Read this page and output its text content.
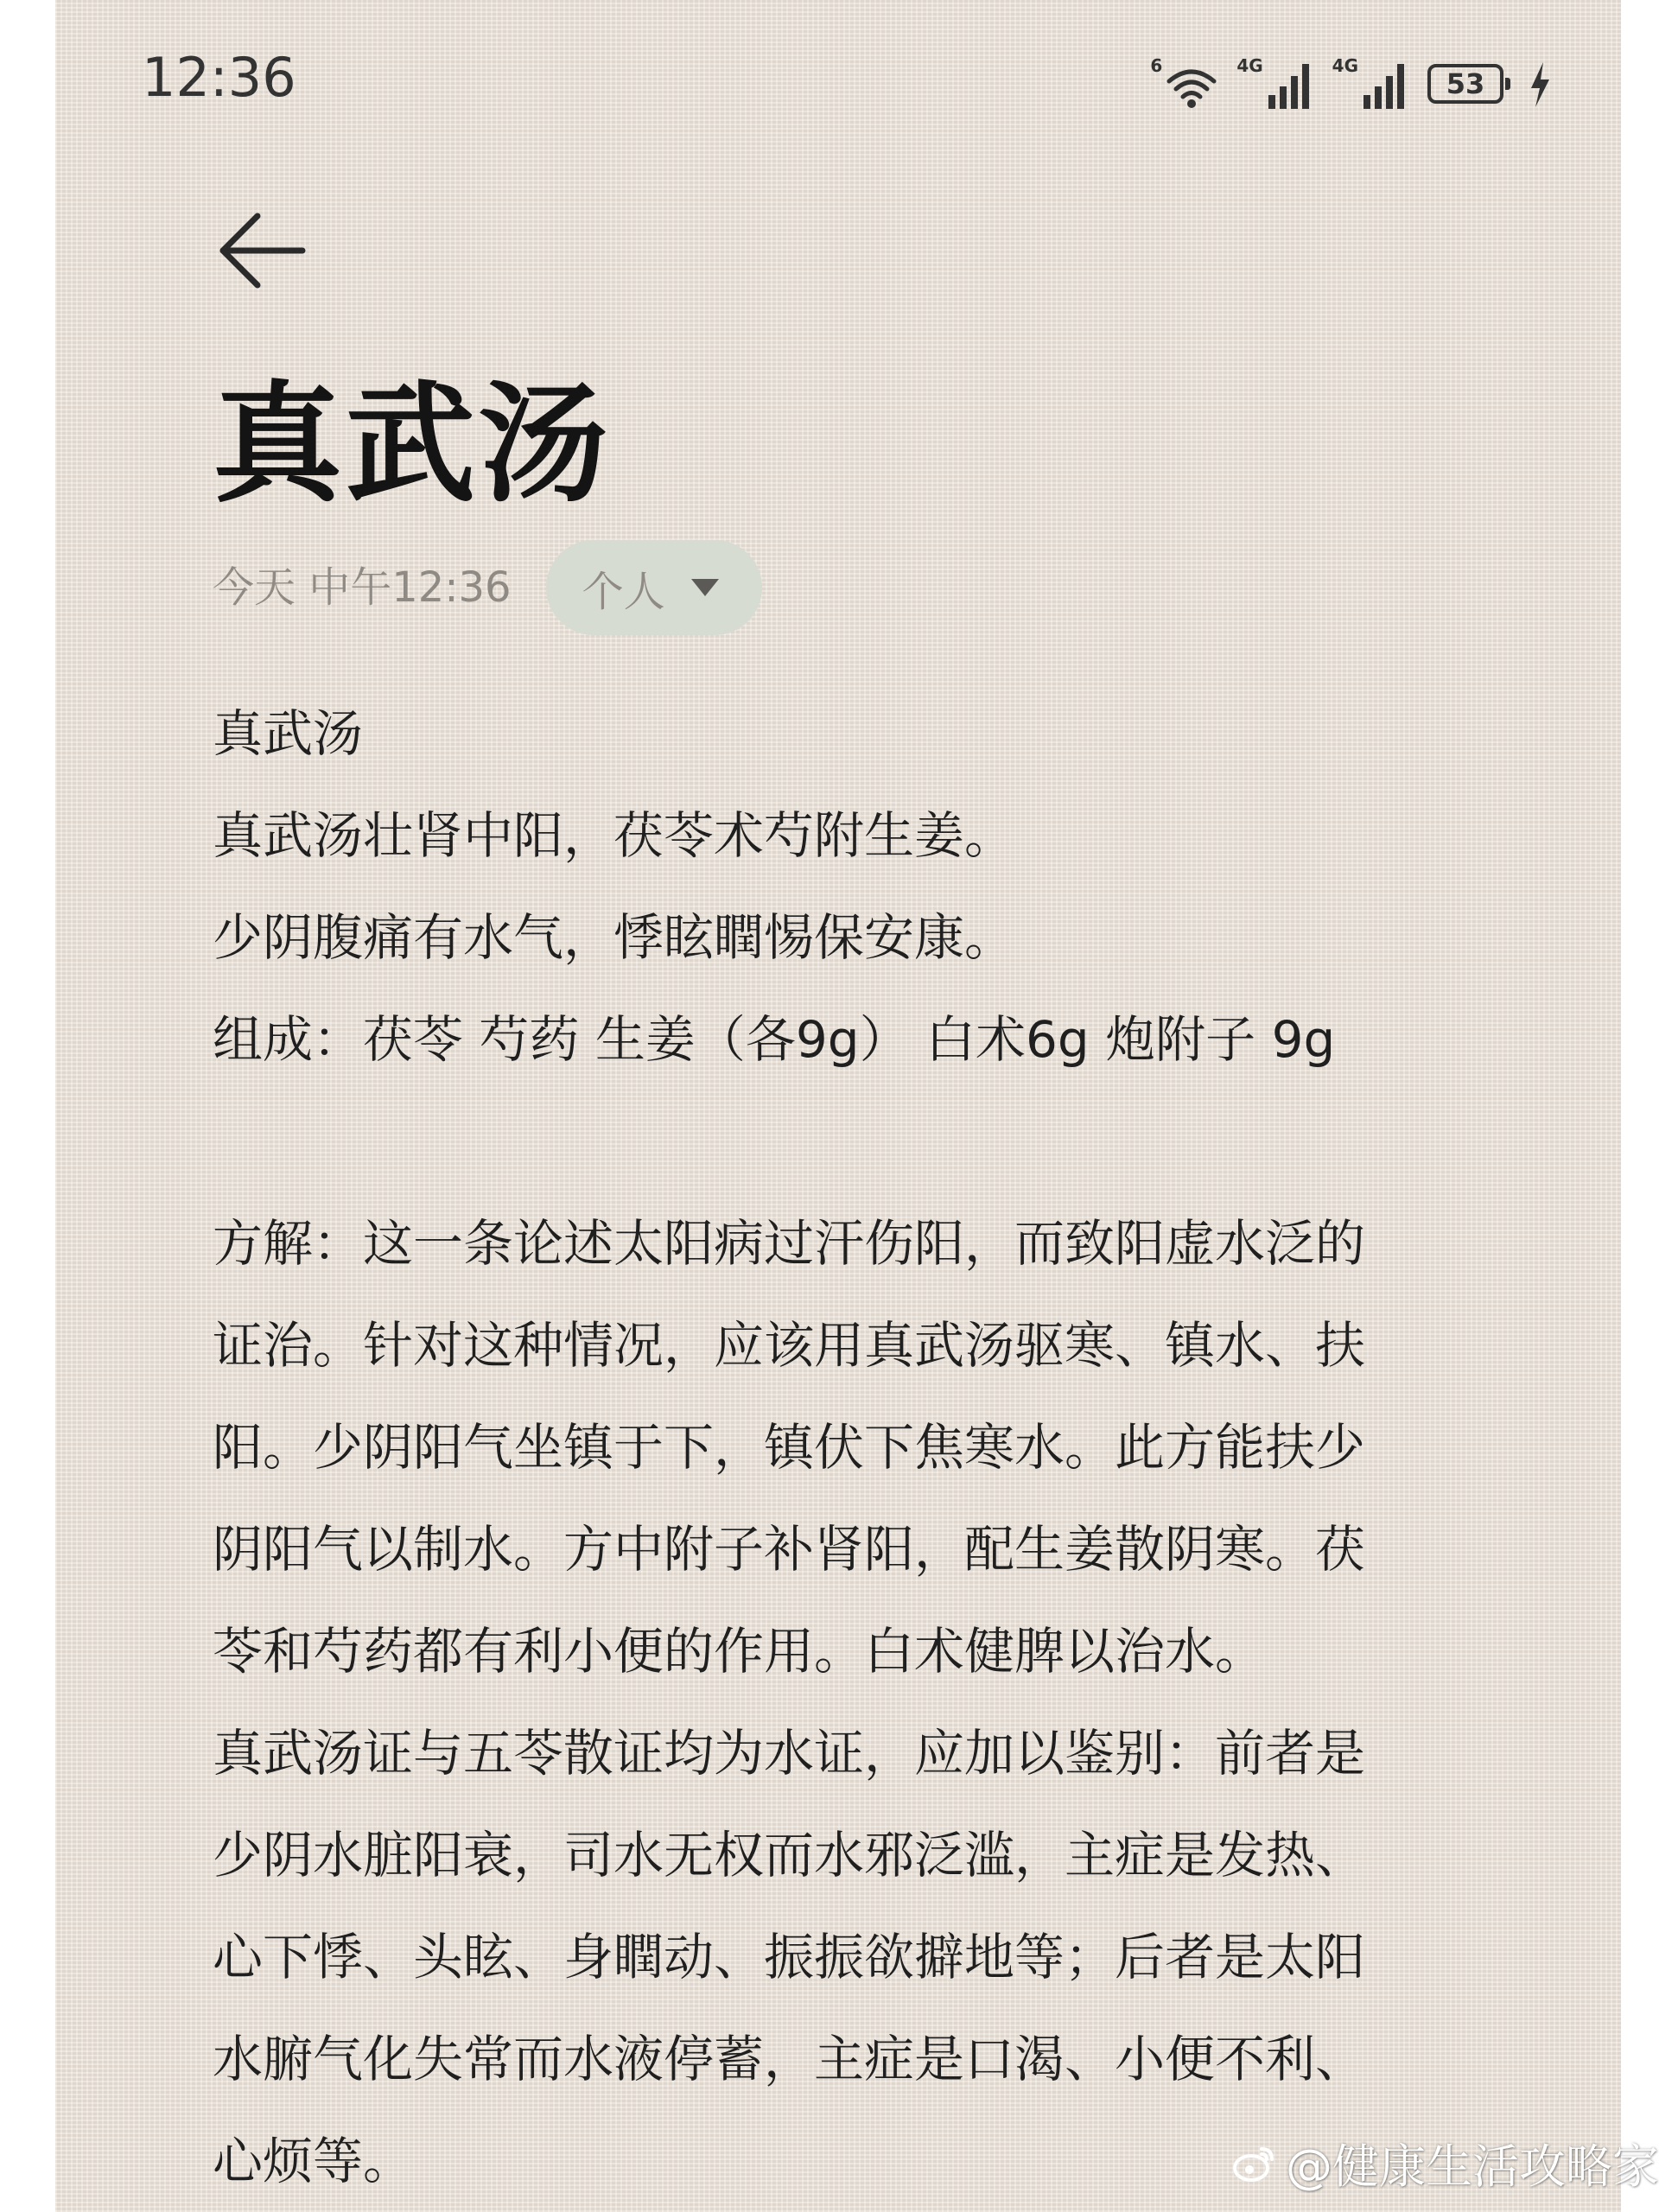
12:36	6	4G	4G
53
真武汤
今天 中午12:36 个人
真武汤
真武汤壮肾中阳，茯苓术芍附生姜。
少阴腹痛有水气，悸眩瞤惕保安康。
组成：茯苓 芍药 生姜（各9g） 白术6g 炮附子 9g
方解：这一条论述太阳病过汗伤阳，而致阳虚水泛的
证治。针对这种情况，应该用真武汤驱寒、镇水、扶
阳。少阴阳气坐镇于下，镇伏下焦寒水。此方能扶少
阴阳气以制水。方中附子补肾阳，配生姜散阴寒。茯
苓和芍药都有利小便的作用。白术健脾以治水。
真武汤证与五苓散证均为水证，应加以鉴别：前者是
少阴水脏阳衰，司水无权而水邪泛滥，主症是发热、
心下悸、头眩、身瞤动、振振欲擗地等；后者是太阳
水腑气化失常而水液停蓄，主症是口渴、小便不利、
心烦等。	@健康生活攻略家
